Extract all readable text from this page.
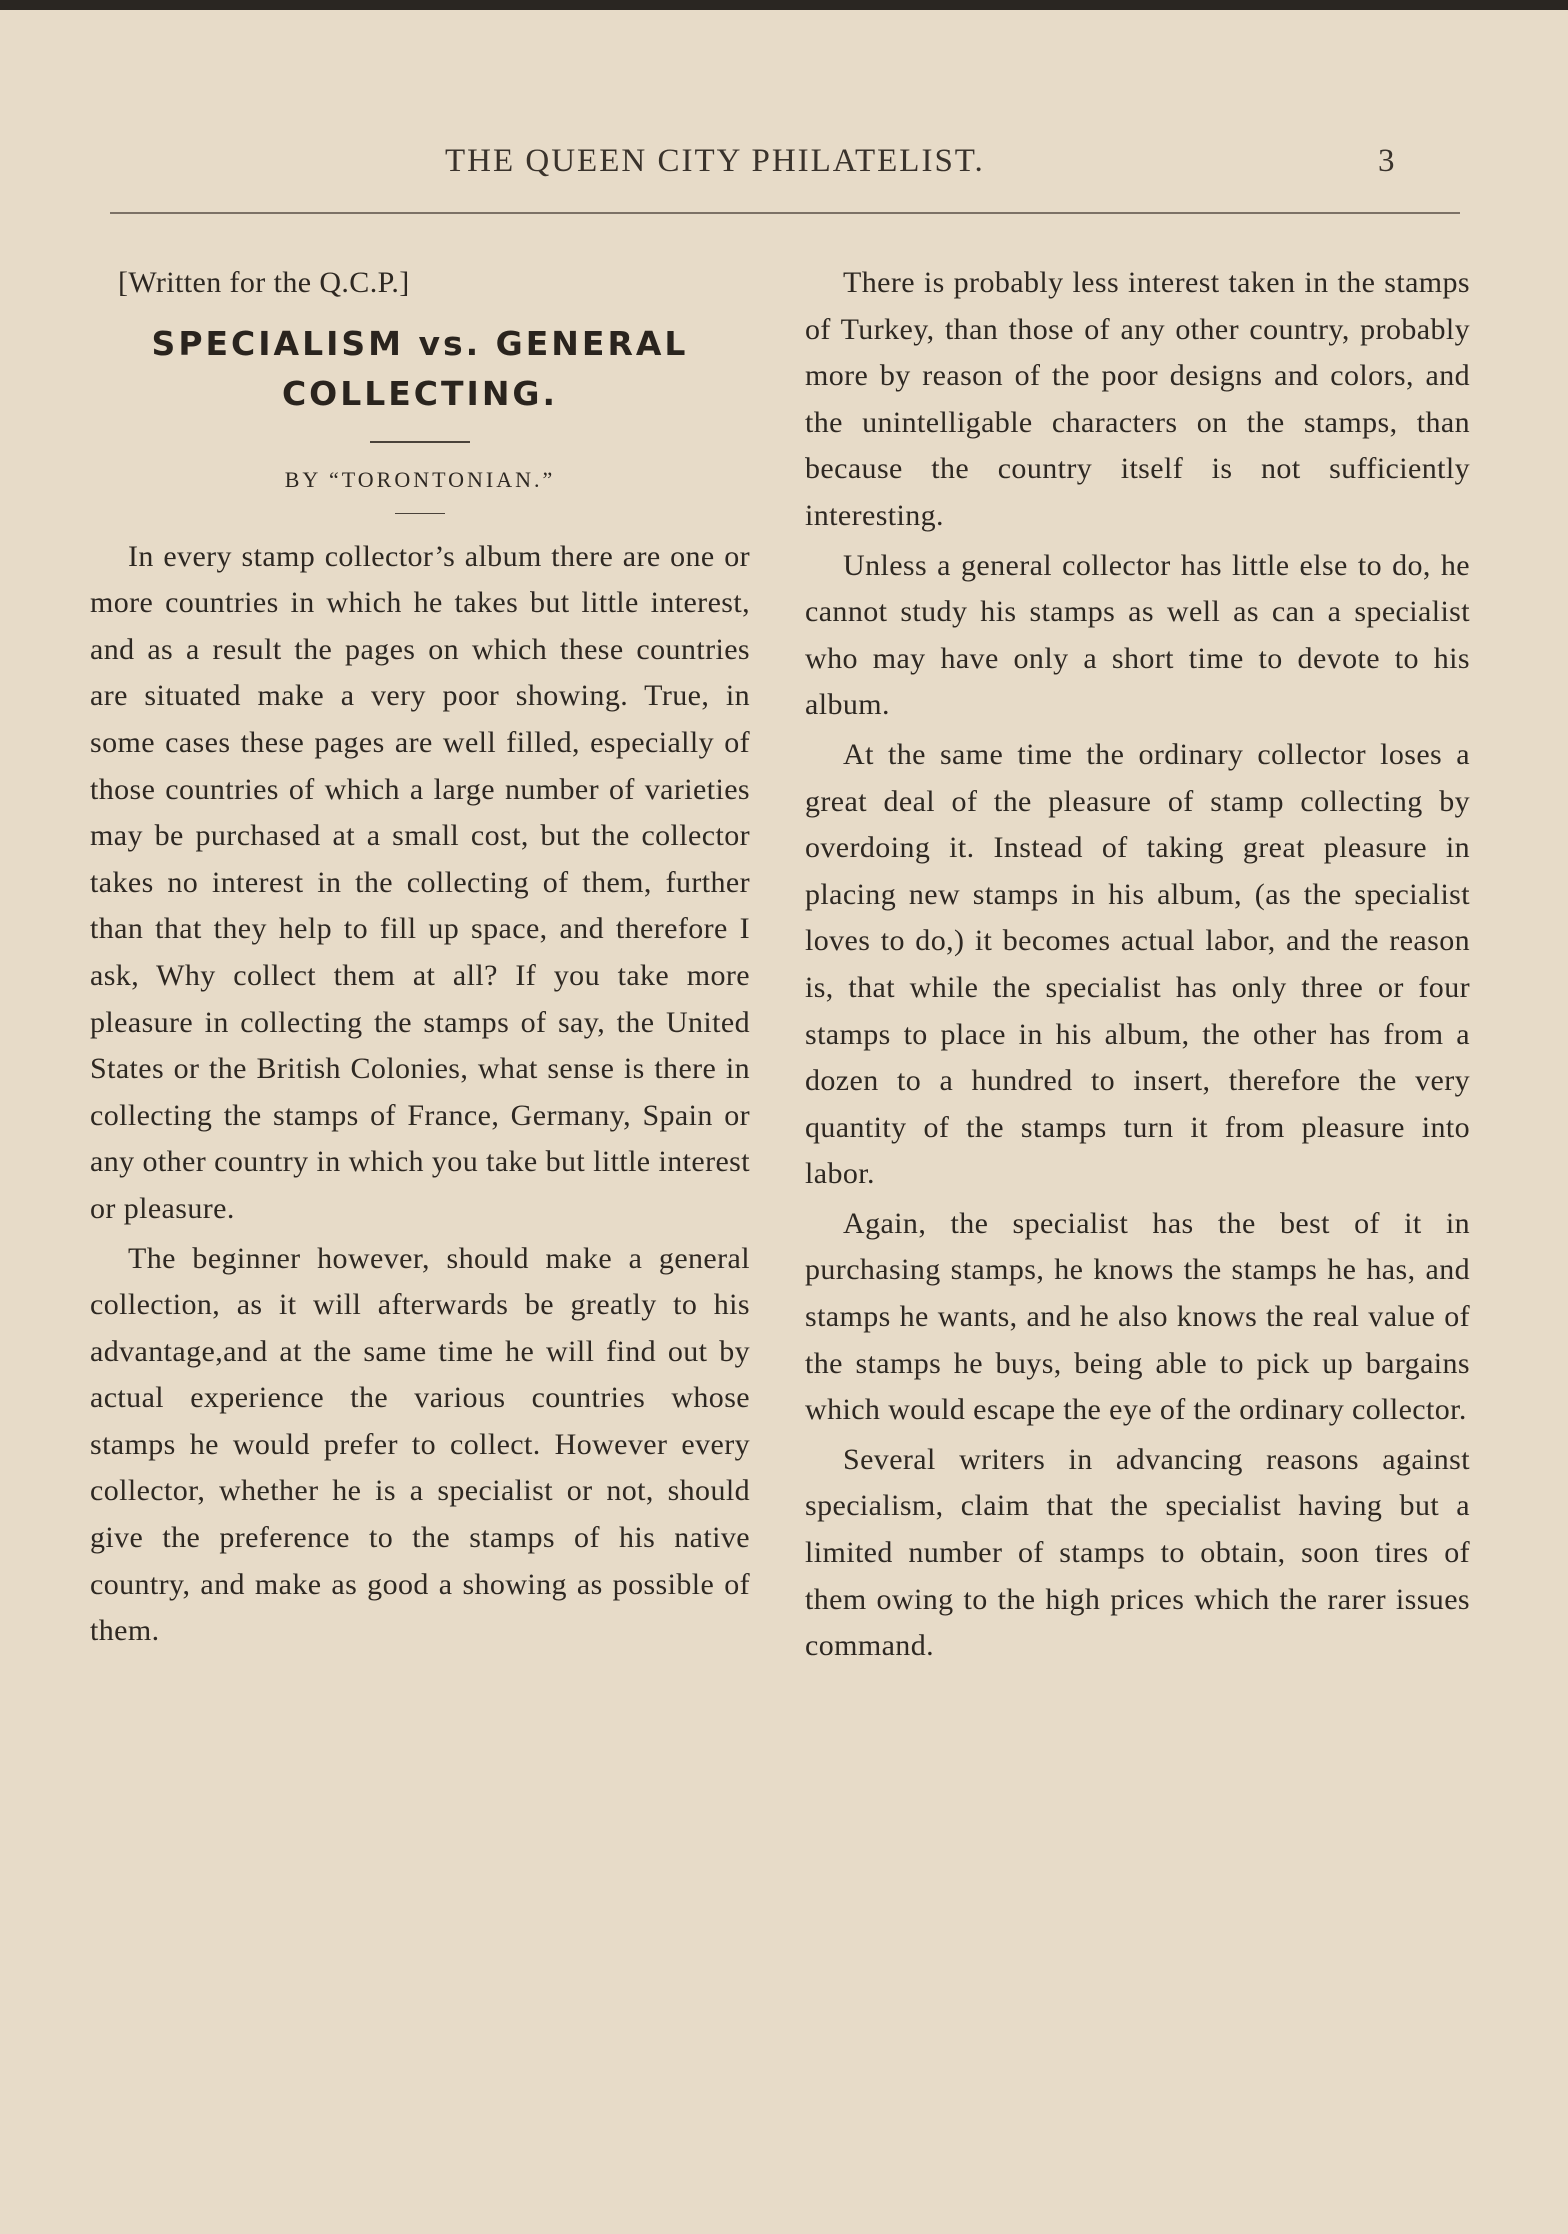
THE QUEEN CITY PHILATELIST.	3

[Written for the Q.C.P.]

SPECIALISM vs. GENERAL
COLLECTING.
BY “TORONTONIAN.”

In every stamp collector’s album there are one or more countries in which he takes but little interest, and as a result the pages on which these countries are situated make a very poor showing. True, in some cases these pages are well filled, especially of those countries of which a large number of varieties may be purchased at a small cost, but the collector takes no interest in the collecting of them, further than that they help to fill up space, and therefore I ask, Why collect them at all? If you take more pleasure in collecting the stamps of say, the United States or the British Colonies, what sense is there in collecting the stamps of France, Germany, Spain or any other country in which you take but little interest or pleasure.

The beginner however, should make a general collection, as it will afterwards be greatly to his advantage,and at the same time he will find out by actual experience the various countries whose stamps he would prefer to collect. However every collector, whether he is a specialist or not, should give the preference to the stamps of his native country, and make as good a showing as possible of them.

There is probably less interest taken in the stamps of Turkey, than those of any other country, probably more by reason of the poor designs and colors, and the unintelligable characters on the stamps, than because the country itself is not sufficiently interesting.

Unless a general collector has little else to do, he cannot study his stamps as well as can a specialist who may have only a short time to devote to his album.

At the same time the ordinary collector loses a great deal of the pleasure of stamp collecting by overdoing it. Instead of taking great pleasure in placing new stamps in his album, (as the specialist loves to do,) it becomes actual labor, and the reason is, that while the specialist has only three or four stamps to place in his album, the other has from a dozen to a hundred to insert, therefore the very quantity of the stamps turn it from pleasure into labor.

Again, the specialist has the best of it in purchasing stamps, he knows the stamps he has, and stamps he wants, and he also knows the real value of the stamps he buys, being able to pick up bargains which would escape the eye of the ordinary collector.

Several writers in advancing reasons against specialism, claim that the specialist having but a limited number of stamps to obtain, soon tires of them owing to the high prices which the rarer issues command.
